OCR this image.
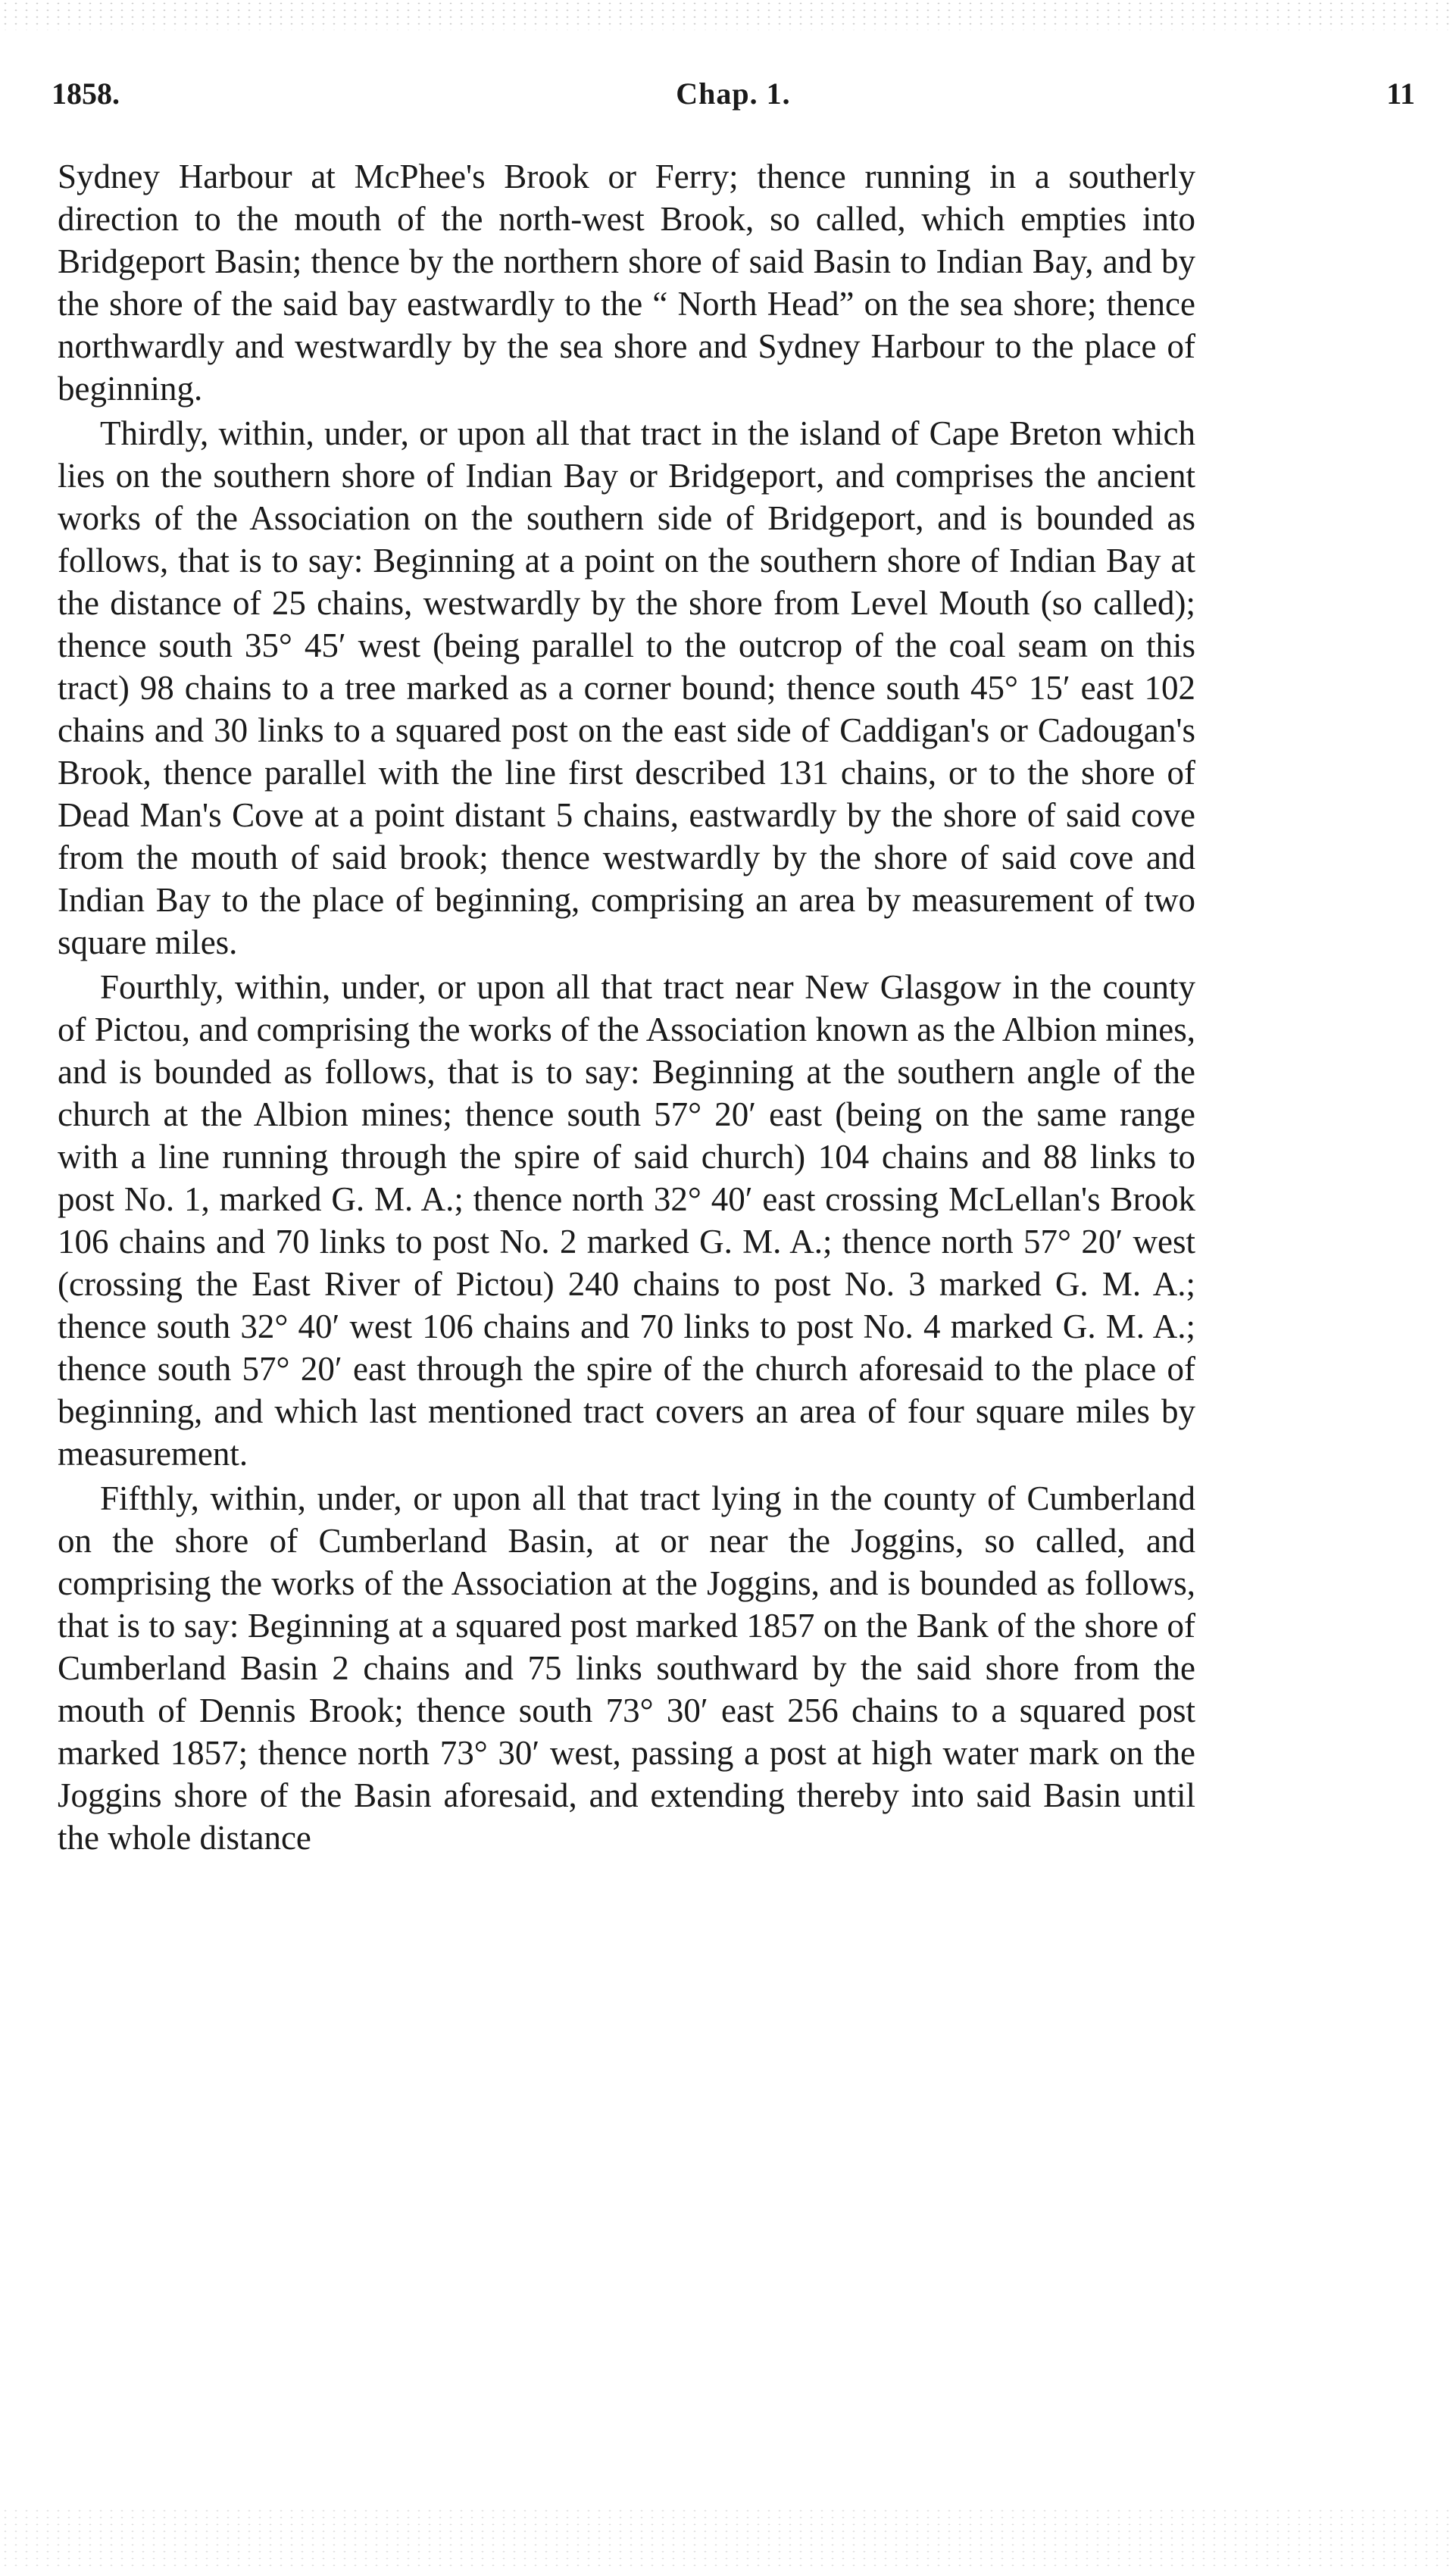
1858.	Chap. 1.	11

Sydney Harbour at McPhee's Brook or Ferry; thence running in a southerly direction to the mouth of the north-west Brook, so called, which empties into Bridgeport Basin; thence by the northern shore of said Basin to Indian Bay, and by the shore of the said bay eastwardly to the “ North Head” on the sea shore; thence northwardly and westwardly by the sea shore and Sydney Harbour to the place of beginning.

Thirdly, within, under, or upon all that tract in the island of Cape Breton which lies on the southern shore of Indian Bay or Bridgeport, and comprises the ancient works of the Association on the southern side of Bridgeport, and is bounded as follows, that is to say: Beginning at a point on the southern shore of Indian Bay at the distance of 25 chains, westwardly by the shore from Level Mouth (so called); thence south 35° 45′ west (being parallel to the outcrop of the coal seam on this tract) 98 chains to a tree marked as a corner bound; thence south 45° 15′ east 102 chains and 30 links to a squared post on the east side of Caddigan's or Cadougan's Brook, thence parallel with the line first described 131 chains, or to the shore of Dead Man's Cove at a point distant 5 chains, eastwardly by the shore of said cove from the mouth of said brook; thence westwardly by the shore of said cove and Indian Bay to the place of beginning, comprising an area by measurement of two square miles.

Fourthly, within, under, or upon all that tract near New Glasgow in the county of Pictou, and comprising the works of the Association known as the Albion mines, and is bounded as follows, that is to say: Beginning at the southern angle of the church at the Albion mines; thence south 57° 20′ east (being on the same range with a line running through the spire of said church) 104 chains and 88 links to post No. 1, marked G. M. A.; thence north 32° 40′ east crossing McLellan's Brook 106 chains and 70 links to post No. 2 marked G. M. A.; thence north 57° 20′ west (crossing the East River of Pictou) 240 chains to post No. 3 marked G. M. A.; thence south 32° 40′ west 106 chains and 70 links to post No. 4 marked G. M. A.; thence south 57° 20′ east through the spire of the church aforesaid to the place of beginning, and which last mentioned tract covers an area of four square miles by measurement.

Fifthly, within, under, or upon all that tract lying in the county of Cumberland on the shore of Cumberland Basin, at or near the Joggins, so called, and comprising the works of the Association at the Joggins, and is bounded as follows, that is to say: Beginning at a squared post marked 1857 on the Bank of the shore of Cumberland Basin 2 chains and 75 links southward by the said shore from the mouth of Dennis Brook; thence south 73° 30′ east 256 chains to a squared post marked 1857; thence north 73° 30′ west, passing a post at high water mark on the Joggins shore of the Basin aforesaid, and extending thereby into said Basin until the whole distance
